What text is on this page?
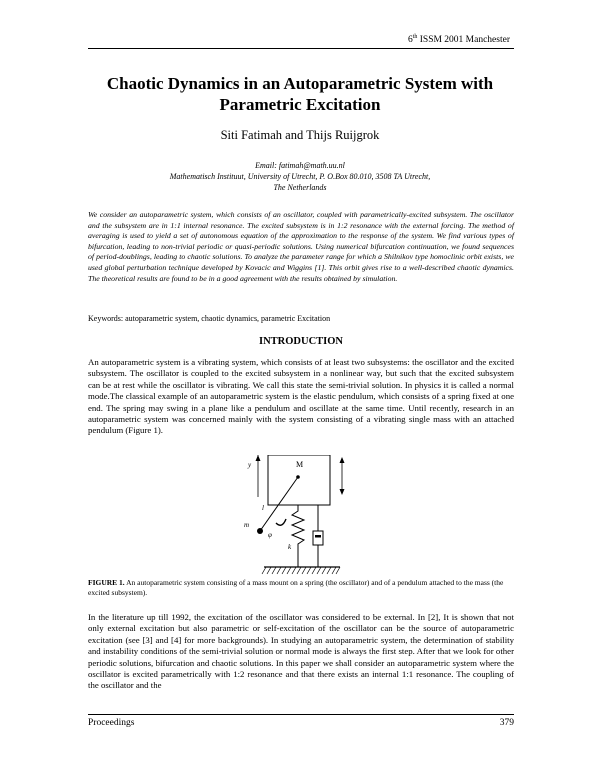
6th ISSM 2001 Manchester
Chaotic Dynamics in an Autoparametric System with
Parametric Excitation
Siti Fatimah and Thijs Ruijgrok
Email: fatimah@math.uu.nl
Mathematisch Instituut, University of Utrecht, P. O.Box 80.010, 3508 TA Utrecht,
The Netherlands

We consider an autoparametric system, which consists of an oscillator, coupled with parametrically-excited subsystem. The oscillator and the subsystem are in 1:1 internal resonance. The excited subsystem is in 1:2 resonance with the external forcing. The method of averaging is used to yield a set of autonomous equation of the approximation to the response of the system. We find various types of bifurcation, leading to non-trivial periodic or quasi-periodic solutions. Using numerical bifurcation continuation, we found sequences of period-doublings, leading to chaotic solutions. To analyze the parameter range for which a Shilnikov type homoclinic orbit exists, we used global perturbation technique developed by Kovacic and Wiggins [1]. This orbit gives rise to a well-described chaotic dynamics. The theoretical results are found to be in a good agreement with the results obtained by simulation.

Keywords: autoparametric system, chaotic dynamics, parametric Excitation
INTRODUCTION

An autoparametric system is a vibrating system, which consists of at least two subsystems: the oscillator and the excited subsystem. The oscillator is coupled to the excited subsystem in a nonlinear way, but such that the excited subsystem can be at rest while the oscillator is vibrating. We call this state the semi-trivial solution. In physics it is called a normal mode.The classical example of an autoparametric system is the elastic pendulum, which consists of a spring fixed at one end. The spring may swing in a plane like a pendulum and oscillate at the same time. Until recently, research in an autoparametric system was concerned mainly with the system consisting of a vibrating single mass with an attached pendulum (Figure 1).

M
y
l
m
φ
k
FIGURE 1. An autoparametric system consisting of a mass mount on a spring (the oscillator) and of a pendulum attached to the mass (the excited subsystem).

In the literature up till 1992, the excitation of the oscillator was considered to be external. In [2], It is shown that not only external excitation but also parametric or self-excitation of the oscillator can be the source of autoparametric excitation (see [3] and [4] for more backgrounds). In studying an autoparametric system, the determination of stability and instability conditions of the semi-trivial solution or normal mode is always the first step. After that we look for other periodic solutions, bifurcation and chaotic solutions. In this paper we shall consider an autoparametric system where the oscillator is excited parametrically with 1:2 resonance and that there exists an internal 1:1 resonance. The coupling of the oscillator and the

Proceedings	379
